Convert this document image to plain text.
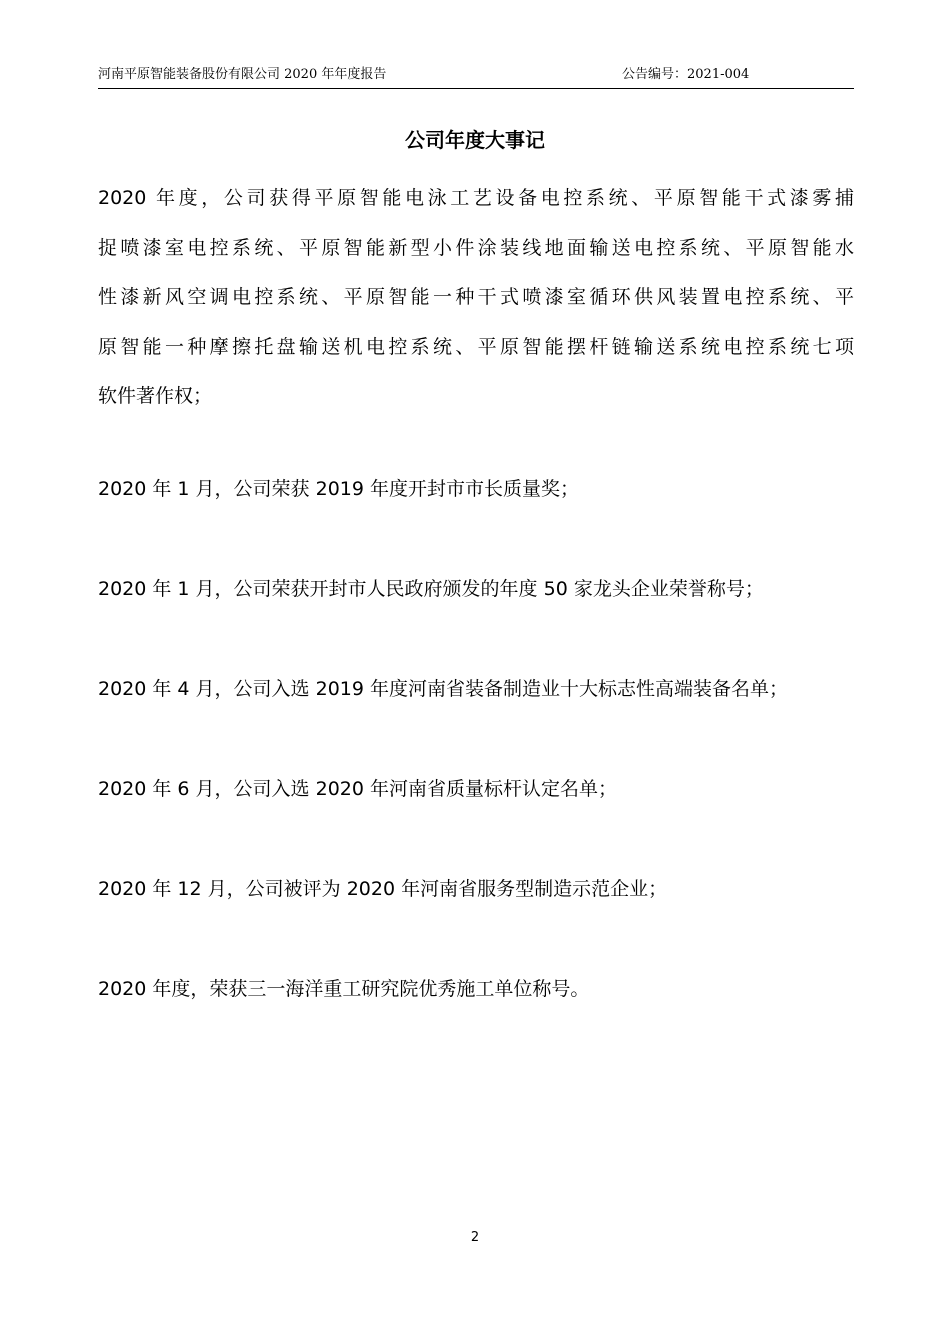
河南平原智能装备股份有限公司 2020 年年度报告	公告编号：2021-004
公司年度大事记
2020 年度，公司获得平原智能电泳工艺设备电控系统、平原智能干式漆雾捕
捉喷漆室电控系统、平原智能新型小件涂装线地面输送电控系统、平原智能水
性漆新风空调电控系统、平原智能一种干式喷漆室循环供风装置电控系统、平
原智能一种摩擦托盘输送机电控系统、平原智能摆杆链输送系统电控系统七项
软件著作权；
2020 年 1 月，公司荣获 2019 年度开封市市长质量奖；
2020 年 1 月，公司荣获开封市人民政府颁发的年度 50 家龙头企业荣誉称号；
2020 年 4 月，公司入选 2019 年度河南省装备制造业十大标志性高端装备名单；
2020 年 6 月，公司入选 2020 年河南省质量标杆认定名单；
2020 年 12 月，公司被评为 2020 年河南省服务型制造示范企业；
2020 年度，荣获三一海洋重工研究院优秀施工单位称号。
2
